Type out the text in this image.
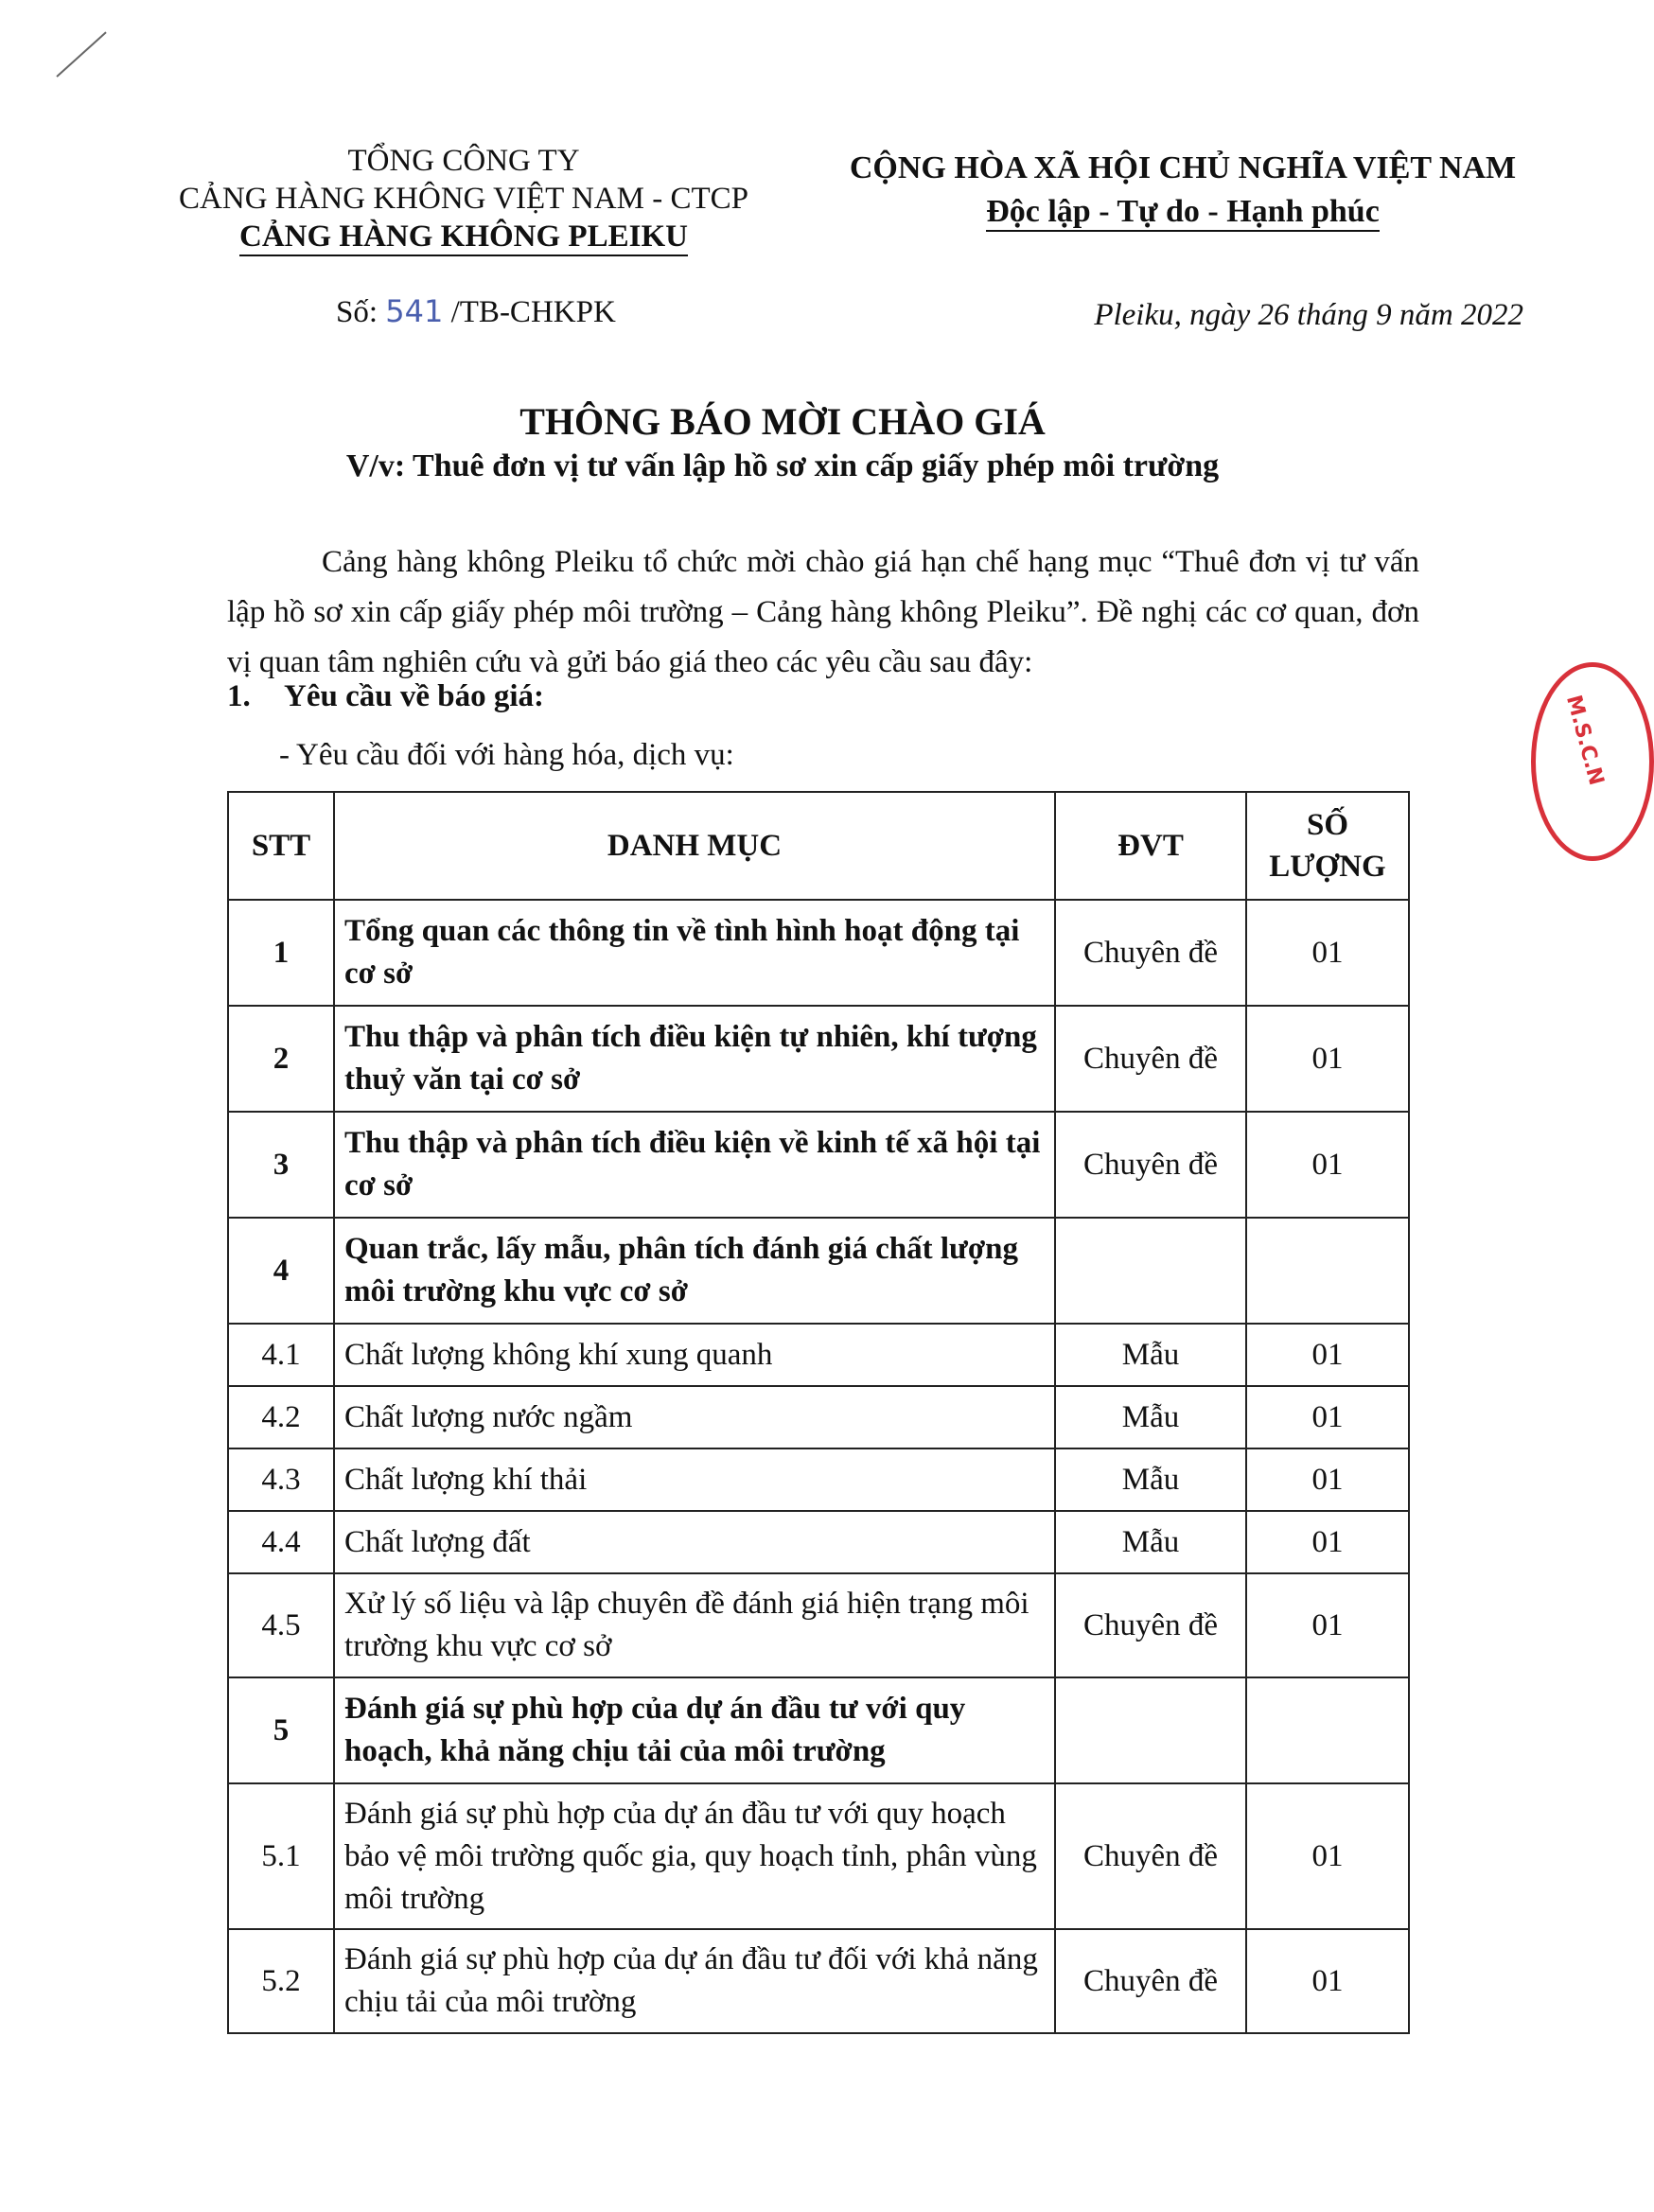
TỔNG CÔNG TY
CẢNG HÀNG KHÔNG VIỆT NAM - CTCP
CẢNG HÀNG KHÔNG PLEIKU
CỘNG HÒA XÃ HỘI CHỦ NGHĨA VIỆT NAM
Độc lập - Tự do - Hạnh phúc
Số: 541 /TB-CHKPK	Pleiku, ngày 26 tháng 9 năm 2022
THÔNG BÁO MỜI CHÀO GIÁ
V/v: Thuê đơn vị tư vấn lập hồ sơ xin cấp giấy phép môi trường
Cảng hàng không Pleiku tổ chức mời chào giá hạn chế hạng mục “Thuê đơn vị tư vấn lập hồ sơ xin cấp giấy phép môi trường – Cảng hàng không Pleiku”. Đề nghị các cơ quan, đơn vị quan tâm nghiên cứu và gửi báo giá theo các yêu cầu sau đây:
1. Yêu cầu về báo giá:
- Yêu cầu đối với hàng hóa, dịch vụ:
STT	DANH MỤC	ĐVT	SỐ
LƯỢNG

1	Tổng quan các thông tin về tình hình hoạt động tại cơ sở	Chuyên đề	01
2	Thu thập và phân tích điều kiện tự nhiên, khí tượng thuỷ văn tại cơ sở	Chuyên đề	01
3	Thu thập và phân tích điều kiện về kinh tế xã hội tại cơ sở	Chuyên đề	01
4	Quan trắc, lấy mẫu, phân tích đánh giá chất lượng môi trường khu vực cơ sở		
4.1	Chất lượng không khí xung quanh	Mẫu	01
4.2	Chất lượng nước ngầm	Mẫu	01
4.3	Chất lượng khí thải	Mẫu	01
4.4	Chất lượng đất	Mẫu	01
4.5	Xử lý số liệu và lập chuyên đề đánh giá hiện trạng môi trường khu vực cơ sở	Chuyên đề	01
5	Đánh giá sự phù hợp của dự án đầu tư với quy hoạch, khả năng chịu tải của môi trường		
5.1	Đánh giá sự phù hợp của dự án đầu tư với quy hoạch bảo vệ môi trường quốc gia, quy hoạch tỉnh, phân vùng môi trường	Chuyên đề	01
5.2	Đánh giá sự phù hợp của dự án đầu tư đối với khả năng chịu tải của môi trường	Chuyên đề	01
M.S.C.N
